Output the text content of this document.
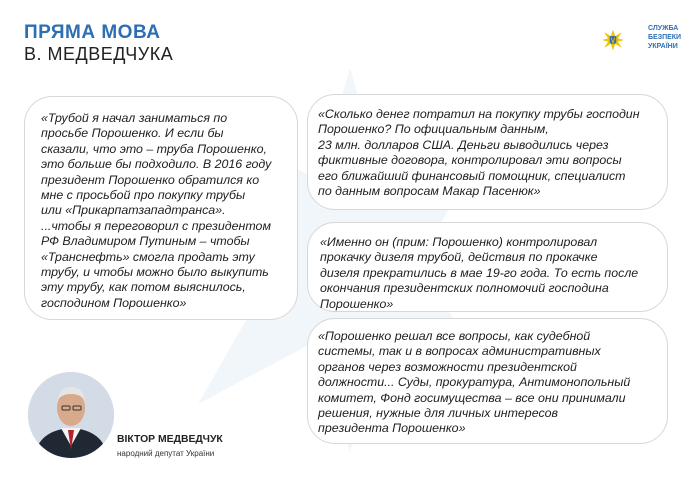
ПРЯМА МОВА
В. МЕДВЕДЧУКА
СЛУЖБА
БЕЗПЕКИ
УКРАЇНИ

«Трубой я начал заниматься по
просьбе Порошенко. И если бы
сказали, что это – труба Порошенко,
это больше бы подходило. В 2016 году
президент Порошенко обратился ко
мне с просьбой про покупку трубы
или «Прикарпатзападтранса».
...чтобы я переговорил с президентом
РФ Владимиром Путиным – чтобы
«Транснефть» смогла продать эту
трубу, и чтобы можно было выкупить
эту трубу, как потом выяснилось,
господином Порошенко»

«Сколько денег потратил на покупку трубы господин
Порошенко? По официальным данным,
23 млн. долларов США. Деньги выводились через
фиктивные договора, контролировал эти вопросы
его ближайший финансовый помощник, специалист
по данным вопросам Макар Пасенюк»

«Именно он (прим: Порошенко) контролировал
прокачку дизеля трубой, действия по прокачке
дизеля прекратились в мае 19-го года. То есть после
окончания президентских полномочий господина
Порошенко»

«Порошенко решал все вопросы, как судебной
системы, так и в вопросах административных
органов через возможности президентской
должности... Суды, прокуратура, Антимонопольный
комитет, Фонд госимущества – все они принимали
решения, нужные для личных интересов
президента Порошенко»

ВІКТОР МЕДВЕДЧУК
народний депутат України
